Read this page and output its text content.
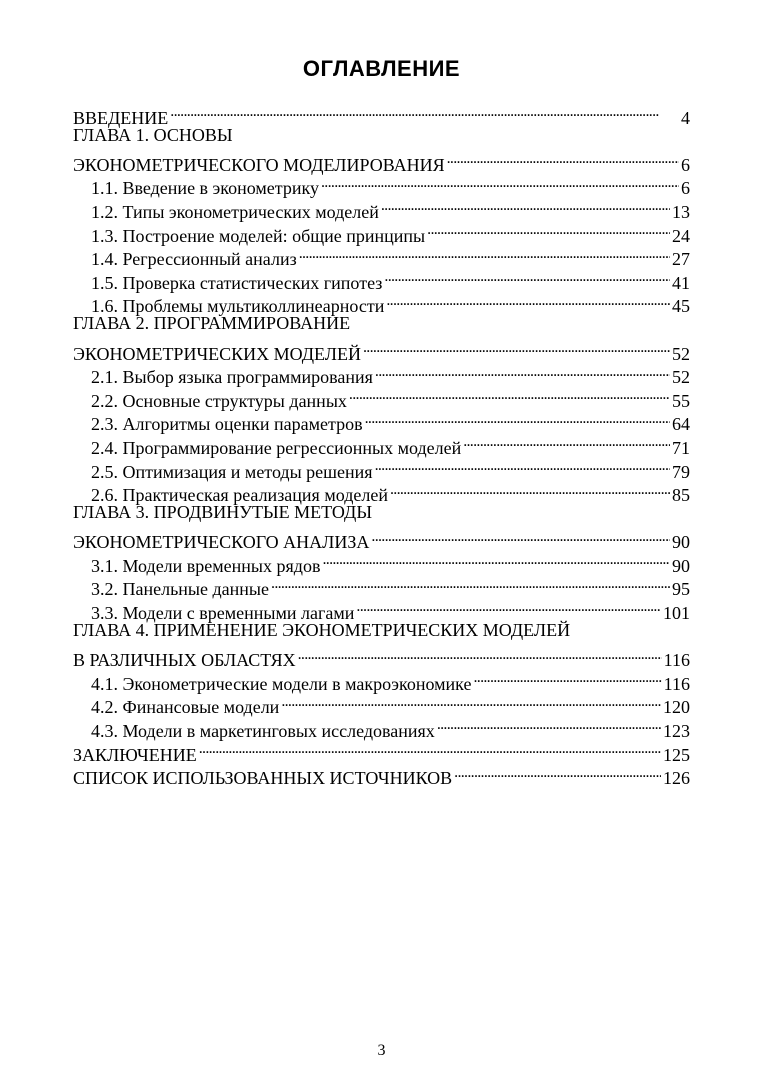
ОГЛАВЛЕНИЕ
ВВЕДЕНИЕ . . .	4
ГЛАВА 1. ОСНОВЫ
ЭКОНОМЕТРИЧЕСКОГО МОДЕЛИРОВАНИЯ . . .	6
1.1. Введение в эконометрику . . .	6
1.2. Типы эконометрических моделей . . .	13
1.3. Построение моделей: общие принципы . . .	24
1.4. Регрессионный анализ . . .	27
1.5. Проверка статистических гипотез . . .	41
1.6. Проблемы мультиколлинеарности . . .	45
ГЛАВА 2. ПРОГРАММИРОВАНИЕ
ЭКОНОМЕТРИЧЕСКИХ МОДЕЛЕЙ . . .	52
2.1. Выбор языка программирования . . .	52
2.2. Основные структуры данных . . .	55
2.3. Алгоритмы оценки параметров . . .	64
2.4. Программирование регрессионных моделей . . .	71
2.5. Оптимизация и методы решения . . .	79
2.6. Практическая реализация моделей . . .	85
ГЛАВА 3. ПРОДВИНУТЫЕ МЕТОДЫ
ЭКОНОМЕТРИЧЕСКОГО АНАЛИЗА . . .	90
3.1. Модели временных рядов . . .	90
3.2. Панельные данные . . .	95
3.3. Модели с временными лагами . . .	101
ГЛАВА 4. ПРИМЕНЕНИЕ ЭКОНОМЕТРИЧЕСКИХ МОДЕЛЕЙ
В РАЗЛИЧНЫХ ОБЛАСТЯХ . . .	116
4.1. Эконометрические модели в макроэкономике . . .	116
4.2. Финансовые модели . . .	120
4.3. Модели в маркетинговых исследованиях . . .	123
ЗАКЛЮЧЕНИЕ . . .	125
СПИСОК ИСПОЛЬЗОВАННЫХ ИСТОЧНИКОВ . . .	126
3
